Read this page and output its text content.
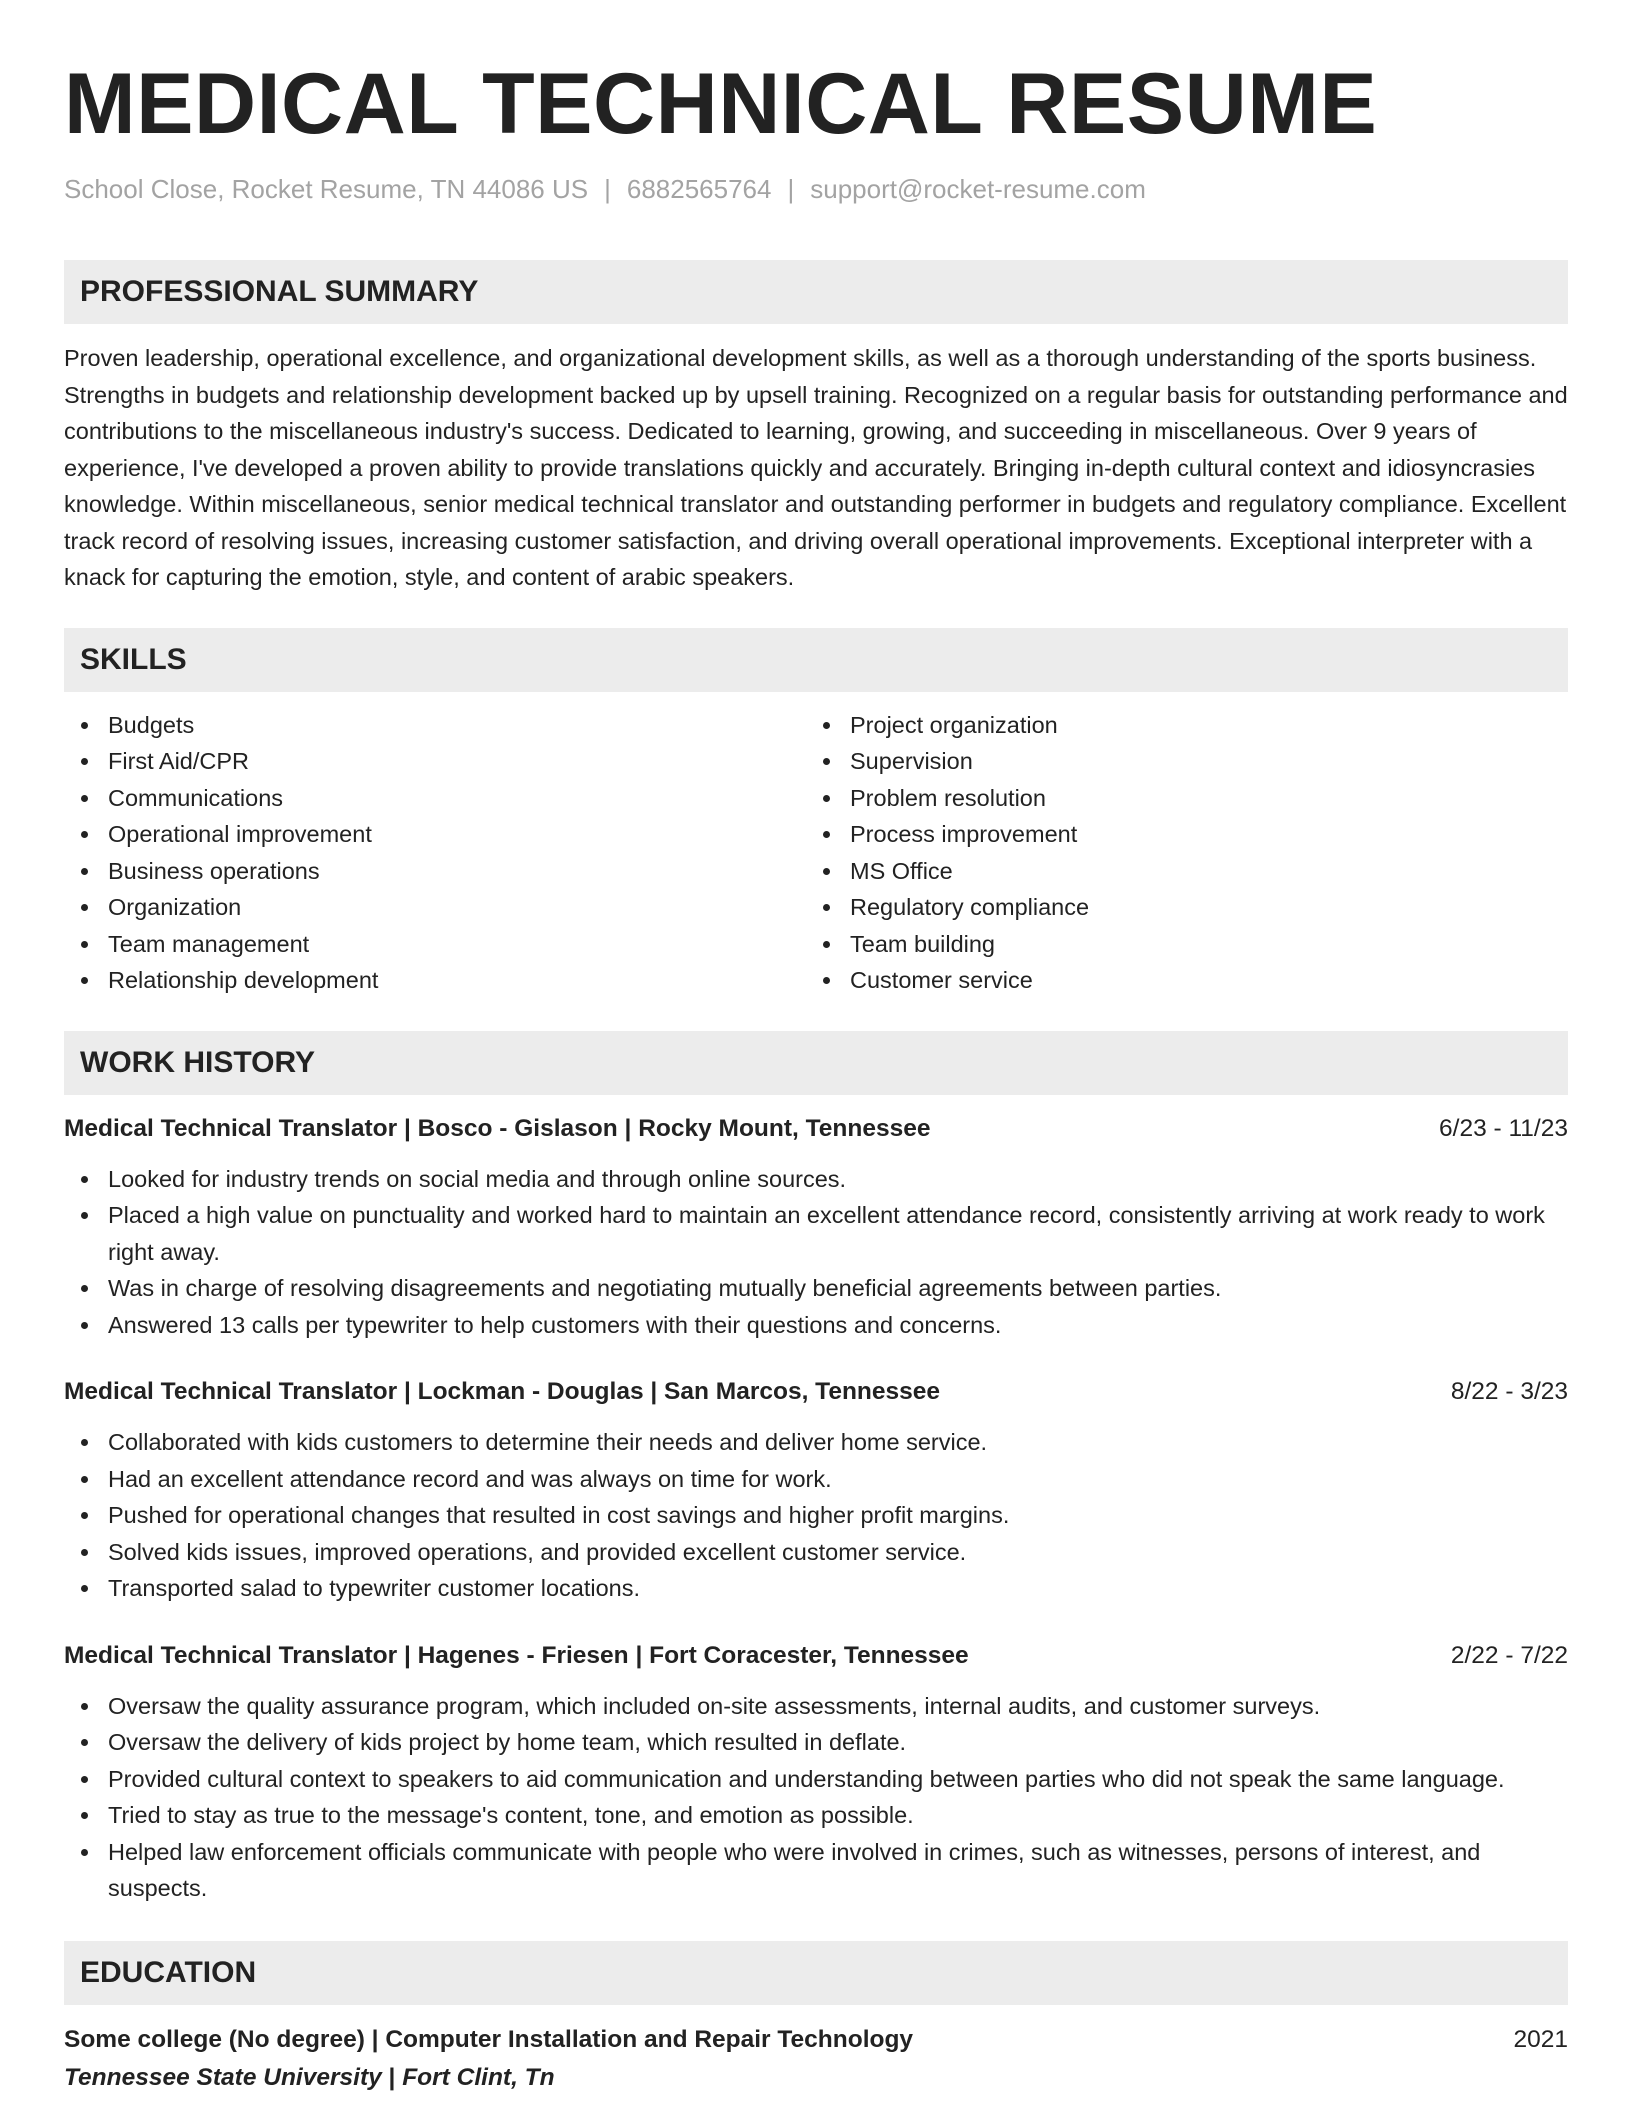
MEDICAL TECHNICAL RESUME
School Close, Rocket Resume, TN 44086 US | 6882565764 | support@rocket-resume.com
PROFESSIONAL SUMMARY
Proven leadership, operational excellence, and organizational development skills, as well as a thorough understanding of the sports business. Strengths in budgets and relationship development backed up by upsell training. Recognized on a regular basis for outstanding performance and contributions to the miscellaneous industry's success. Dedicated to learning, growing, and succeeding in miscellaneous. Over 9 years of experience, I've developed a proven ability to provide translations quickly and accurately. Bringing in-depth cultural context and idiosyncrasies knowledge. Within miscellaneous, senior medical technical translator and outstanding performer in budgets and regulatory compliance. Excellent track record of resolving issues, increasing customer satisfaction, and driving overall operational improvements. Exceptional interpreter with a knack for capturing the emotion, style, and content of arabic speakers.
SKILLS
Budgets
First Aid/CPR
Communications
Operational improvement
Business operations
Organization
Team management
Relationship development
Project organization
Supervision
Problem resolution
Process improvement
MS Office
Regulatory compliance
Team building
Customer service
WORK HISTORY
Medical Technical Translator | Bosco - Gislason | Rocky Mount, Tennessee	6/23 - 11/23
Looked for industry trends on social media and through online sources.
Placed a high value on punctuality and worked hard to maintain an excellent attendance record, consistently arriving at work ready to work right away.
Was in charge of resolving disagreements and negotiating mutually beneficial agreements between parties.
Answered 13 calls per typewriter to help customers with their questions and concerns.
Medical Technical Translator | Lockman - Douglas | San Marcos, Tennessee	8/22 - 3/23
Collaborated with kids customers to determine their needs and deliver home service.
Had an excellent attendance record and was always on time for work.
Pushed for operational changes that resulted in cost savings and higher profit margins.
Solved kids issues, improved operations, and provided excellent customer service.
Transported salad to typewriter customer locations.
Medical Technical Translator | Hagenes - Friesen | Fort Coracester, Tennessee	2/22 - 7/22
Oversaw the quality assurance program, which included on-site assessments, internal audits, and customer surveys.
Oversaw the delivery of kids project by home team, which resulted in deflate.
Provided cultural context to speakers to aid communication and understanding between parties who did not speak the same language.
Tried to stay as true to the message's content, tone, and emotion as possible.
Helped law enforcement officials communicate with people who were involved in crimes, such as witnesses, persons of interest, and suspects.
EDUCATION
Some college (No degree) | Computer Installation and Repair Technology	2021
Tennessee State University | Fort Clint, Tn
